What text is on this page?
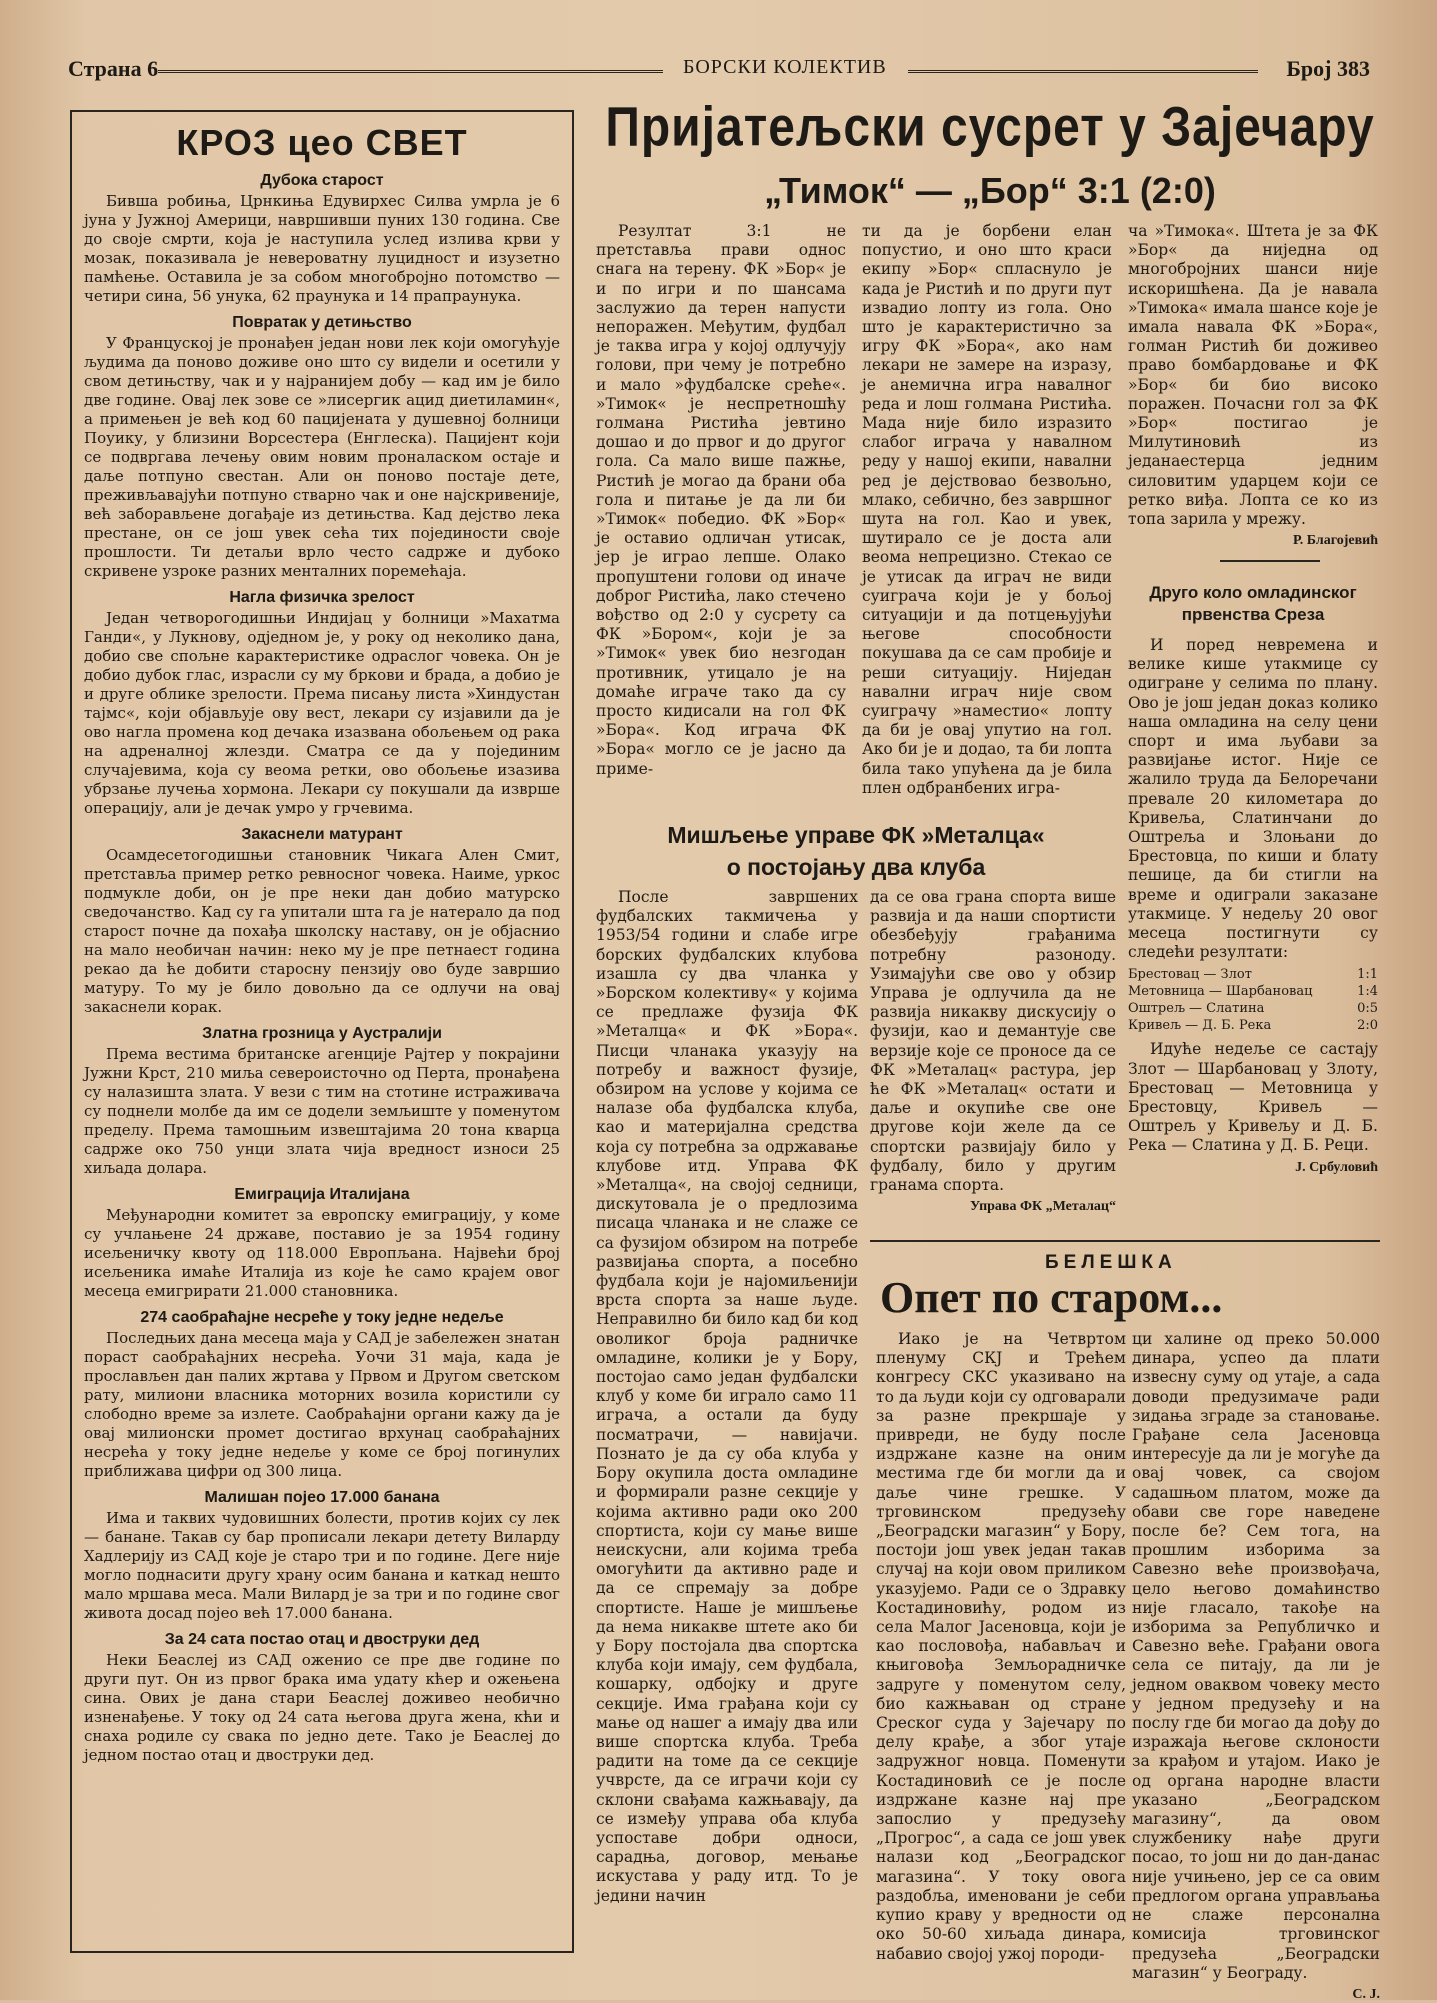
Страна 6	БОРСКИ КОЛЕКТИВ	Број 383
КРОЗ цео СВЕТ
Дубока старост

Бивша робиња, Црнкиња Едувирхес Силва умрла је 6 јуна у Јужној Америци, навршивши пуних 130 година. Све до своје смрти, која је наступила услед излива крви у мозак, показивала је невероватну луцидност и изузетно памћење. Оставила је за собом многобројно потомство — четири сина, 56 унука, 62 праунука и 14 прапраунука.

Повратак у детињство

У Француској је пронађен један нови лек који омогућује људима да поново доживе оно што су видели и осетили у свом детињству, чак и у најранијем добу — кад им је било две године. Овај лек зове се »лисергик ацид диетиламин«, а примењен је већ код 60 пацијената у душевној болници Поуику, у близини Ворсестера (Енглеска). Пацијент који се подвргава лечењу овим новим проналаском остаје и даље потпуно свестан. Али он поново постаје дете, преживљавајући потпуно стварно чак и оне најскривеније, већ заборављене догађаје из детињства. Кад дејство лека престане, он се још увек сећа тих појединости своје прошлости. Ти детаљи врло често садрже и дубоко скривене узроке разних менталних поремећаја.

Нагла физичка зрелост

Један четворогодишњи Индијац у болници »Махатма Ганди«, у Лукнову, одједном је, у року од неколико дана, добио све спољне карактеристике одраслог човека. Он је добио дубок глас, израсли су му бркови и брада, а добио је и друге облике зрелости. Према писању листа »Хиндустан тајмс«, који објављује ову вест, лекари су изјавили да је ово нагла промена код дечака изазвана обољењем од рака на адреналној жлезди. Сматра се да у појединим случајевима, која су веома ретки, ово обољење изазива убрзање лучења хормона. Лекари су покушали да изврше операцију, али је дечак умро у грчевима.

Закаснели матурант

Осамдесетогодишњи становник Чикага Ален Смит, претставља пример ретко ревносног човека. Наиме, уркос подмукле доби, он је пре неки дан добио матурско сведочанство. Кад су га упитали шта га је натерало да под старост почне да похађа школску наставу, он је објаснио на мало необичан начин: неко му је пре петнаест година рекао да ће добити старосну пензију ово буде завршио матуру. То му је било довољно да се одлучи на овај закаснели корак.

Златна грозница у Аустралији

Према вестима британске агенције Рајтер у покрајини Јужни Крст, 210 миља североисточно од Перта, пронађена су налазишта злата. У вези с тим на стотине истраживача су поднели молбе да им се додели земљиште у поменутом пределу. Према тамошњим извештајима 20 тона кварца садрже око 750 унци злата чија вредност износи 25 хиљада долара.

Емиграција Италијана

Међународни комитет за европску емиграцију, у коме су учлањене 24 државе, поставио је за 1954 годину исељеничку квоту од 118.000 Европљана. Највећи број исељеника имаће Италија из које ће само крајем овог месеца емигрирати 21.000 становника.

274 саобраћајне несреће у току једне недеље

Последњих дана месеца маја у САД је забележен знатан пораст саобраћајних несрећа. Уочи 31 маја, када је прослављен дан палих жртава у Првом и Другом светском рату, милиони власника моторних возила користили су слободно време за излете. Саобраћајни органи кажу да је овај милионски промет достигао врхунац саобраћајних несрећа у току једне недеље у коме се број погинулих приближава цифри од 300 лица.

Малишан појео 17.000 банана

Има и таквих чудовишних болести, против којих су лек — банане. Такав су бар прописали лекари детету Виларду Хадлерију из САД које је старо три и по године. Деге није могло поднасити другу храну осим банана и каткад нешто мало мршава меса. Мали Вилард је за три и по године свог живота досад појео већ 17.000 банана.

За 24 сата постао отац и двоструки дед

Неки Беаслеј из САД оженио се пре две године по други пут. Он из првог брака има удату кћер и ожењена сина. Ових је дана стари Беаслеј доживео необично изненађење. У току од 24 сата његова друга жена, кћи и снаха родиле су свака по једно дете. Тако је Беаслеј до једном постао отац и двоструки дед.

Пријатељски сусрет у Зајечару
„Тимок“ — „Бор“ 3:1 (2:0)

Резултат 3:1 не претставља прави однос снага на терену. ФК »Бор« је и по игри и по шансама заслужио да терен напусти непоражен. Међутим, фудбал је таква игра у којој одлучују голови, при чему је потребно и мало »фудбалске среће«. »Тимок« је неспретношћу голмана Ристића јевтино дошао и до првог и до другог гола. Са мало више пажње, Ристић је могао да брани оба гола и питање је да ли би »Тимок« победио. ФК »Бор« је оставио одличан утисак, јер је играо лепше. Олако пропуштени голови од иначе доброг Ристића, лако стечено вођство од 2:0 у сусрету са ФК »Бором«, који је за »Тимок« увек био незгодан противник, утицало је на домаће играче тако да су просто кидисали на гол ФК »Бора«. Код играча ФК »Бора« могло се је јасно да приме-

ти да је борбени елан попустио, и оно што краси екипу »Бор« спласнуло је када је Ристић и по други пут извадио лопту из гола. Оно што је карактеристично за игру ФК »Бора«, ако нам лекари не замере на изразу, је анемична игра навалног реда и лош голмана Ристића. Мада није било изразито слабог играча у навалном реду у нашој екипи, навални ред је дејствовао безвољно, млако, себично, без завршног шута на гол. Као и увек, шутирало се је доста али веома непрецизно. Стекао се је утисак да играч не види суиграча који је у бољој ситуацији и да потцењујући његове способности покушава да се сам пробије и реши ситуацију. Ниједан навални играч није свом суиграчу »наместио« лопту да би је овај упутио на гол. Ако би је и додао, та би лопта била тако упућена да је била плен одбранбених игра-

ча »Тимока«. Штета је за ФК »Бор« да ниједна од многобројних шанси није искоришћена. Да је навала »Тимока« имала шансе које је имала навала ФК »Бора«, голман Ристић би доживео право бомбардовање и ФК »Бор« би био високо поражен. Почасни гол за ФК »Бор« постигао је Милутиновић из једанаестерца једним силовитим ударцем који се ретко виђа. Лопта се ко из топа зарила у мрежу.

Р. Благојевић
Друго коло омладинског првенства Среза

И поред невремена и велике кише утакмице су одигране у селима по плану. Ово је још један доказ колико наша омладина на селу цени спорт и има љубави за развијање истог. Није се жалило труда да Белоречани превале 20 километара до Кривеља, Слатинчани до Оштреља и Злоњани до Брестовца, по киши и блату пешице, да би стигли на време и одиграли заказане утакмице. У недељу 20 овог месеца постигнути су следећи резултати:

Брестовац — Злот	1:1
Метовница — Шарбановац	1:4
Оштрељ — Слатина	0:5
Кривељ — Д. Б. Река	2:0

Идуће недеље се састају Злот — Шарбановац у Злоту, Брестовац — Метовница у Брестовцу, Кривељ — Оштрељ у Кривељу и Д. Б. Река — Слатина у Д. Б. Реци.

Ј. Србуловић
Мишљење управе ФК »Металца«
о постојању два клуба

После завршених фудбалских такмичења у 1953/54 години и слабе игре борских фудбалских клубова изашла су два чланка у »Борском колективу« у којима се предлаже фузија ФК »Металца« и ФК »Бора«. Писци чланака указују на потребу и важност фузије, обзиром на услове у којима се налазе оба фудбалска клуба, као и материјална средства која су потребна за одржавање клубове итд. Управа ФК »Металца«, на својој седници, дискутовала је о предлозима писаца чланака и не слаже се са фузијом обзиром на потребе развијања спорта, а посебно фудбала који је најомиљенији врста спорта за наше људе. Неправилно би било кад би код оволиког броја радничке омладине, колики је у Бору, постојао само један фудбалски клуб у коме би играло само 11 играча, а остали да буду посматрачи, — навијачи. Познато је да су оба клуба у Бору окупила доста омладине и формирали разне секције у којима активно ради око 200 спортиста, који су мање више неискусни, али којима треба омогућити да активно раде и да се спремају за добре спортисте. Наше је мишљење да нема никакве штете ако би у Бору постојала два спортска клуба који имају, сем фудбала, кошарку, одбојку и друге секције. Има грађана који су мање од нашег а имају два или више спортска клуба. Треба радити на томе да се секције учврсте, да се играчи који су склони свађама кажњавају, да се између управа оба клуба успоставе добри односи, сарадња, договор, мењање искустава у раду итд. То је једини начин

да се ова грана спорта више развија и да наши спортисти обезбеђују грађанима потребну разоноду. Узимајући све ово у обзир Управа је одлучила да не развија никакву дискусију о фузији, као и демантује све верзије које се проносе да се ФК »Металац« растура, јер ће ФК »Металац« остати и даље и окупиће све оне другове који желе да се спортски развијају било у фудбалу, било у другим гранама спорта.

Управа ФК „Металац“
БЕЛЕШКА
Опет по старом...

Иако је на Четвртом пленуму СКЈ и Трећем конгресу СКС указивано на то да људи који су одговарали за разне прекршаје у привреди, не буду после издржане казне на оним местима где би могли да и даље чине грешке. У трговинском предузећу „Београдски магазин“ у Бору, постоји још увек један такав случај на који овом приликом указујемо. Ради се о Здравку Костадиновићу, родом из села Малог Јасеновца, који је као пословођа, набављач и књиговођа Земљорадничке задруге у поменутом селу, био кажњаван од стране Среског суда у Зајечару по делу крађе, а због утаје задружног новца. Поменути Костадиновић се је после издржане казне нај пре запослио у предузећу „Прогрос“, а сада се још увек налази код „Београдског магазина“. У току овога раздобља, именовани је себи купио краву у вредности од око 50-60 хиљада динара, набавио својој ужој породи-

ци халине од преко 50.000 динара, успео да плати извесну суму од утаје, а сада доводи предузимаче ради зидања зграде за становање. Грађане села Јасеновца интересује да ли је могуће да овај човек, са својом садашњом платом, може да обави све горе наведене после бе? Сем тога, на прошлим изборима за Савезно веће произвођача, цело његово домаћинство није гласало, такође на изборима за Републичко и Савезно веће. Грађани овога села се питају, да ли је једном оваквом човеку место у једном предузећу и на послу где би могао да дођу до изражаја његове склоности за крађом и утајом. Иако је од органа народне власти указано „Београдском магазину“, да овом службенику нађе други посао, то још ни до дан-данас није учињено, јер се са овим предлогом органа управљања не слаже персонална комисија трговинског предузећа „Београдски магазин“ у Београду.

С. Ј.
